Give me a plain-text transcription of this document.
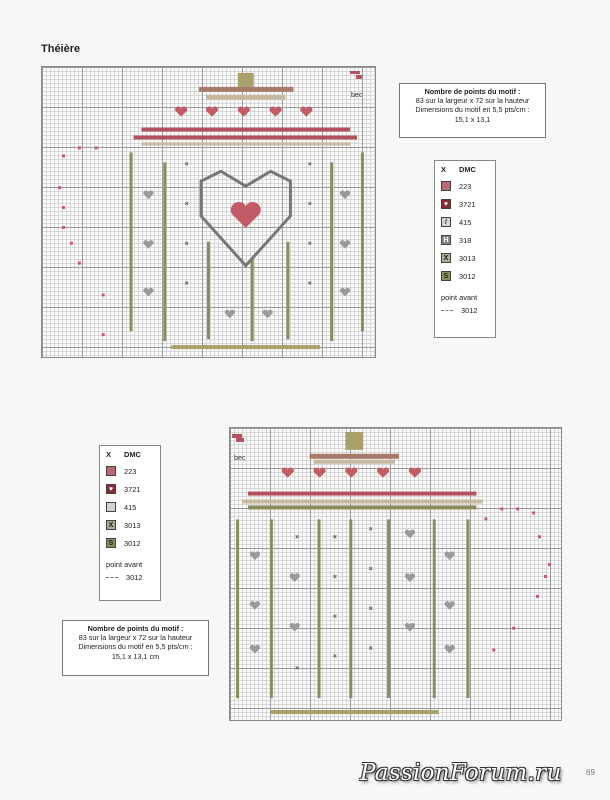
Théière
bec	Nombre de points du motif :
83 sur la largeur x 72 sur la hauteur
Dimensions du motif en 5,5 pts/cm :
15,1 x 13,1
X	DMC
223
♥	3721
/	415
H	318
X	3013
S	3012
point avant
3012
bec
X	DMC
223
♥	3721
415
X	3013
S	3012
point avant
3012
Nombre de points du motif :
83 sur la largeur x 72 sur la hauteur
Dimensions du motif en 5,5 pts/cm :
15,1 x 13,1 cm
PassionForum.ru	69
